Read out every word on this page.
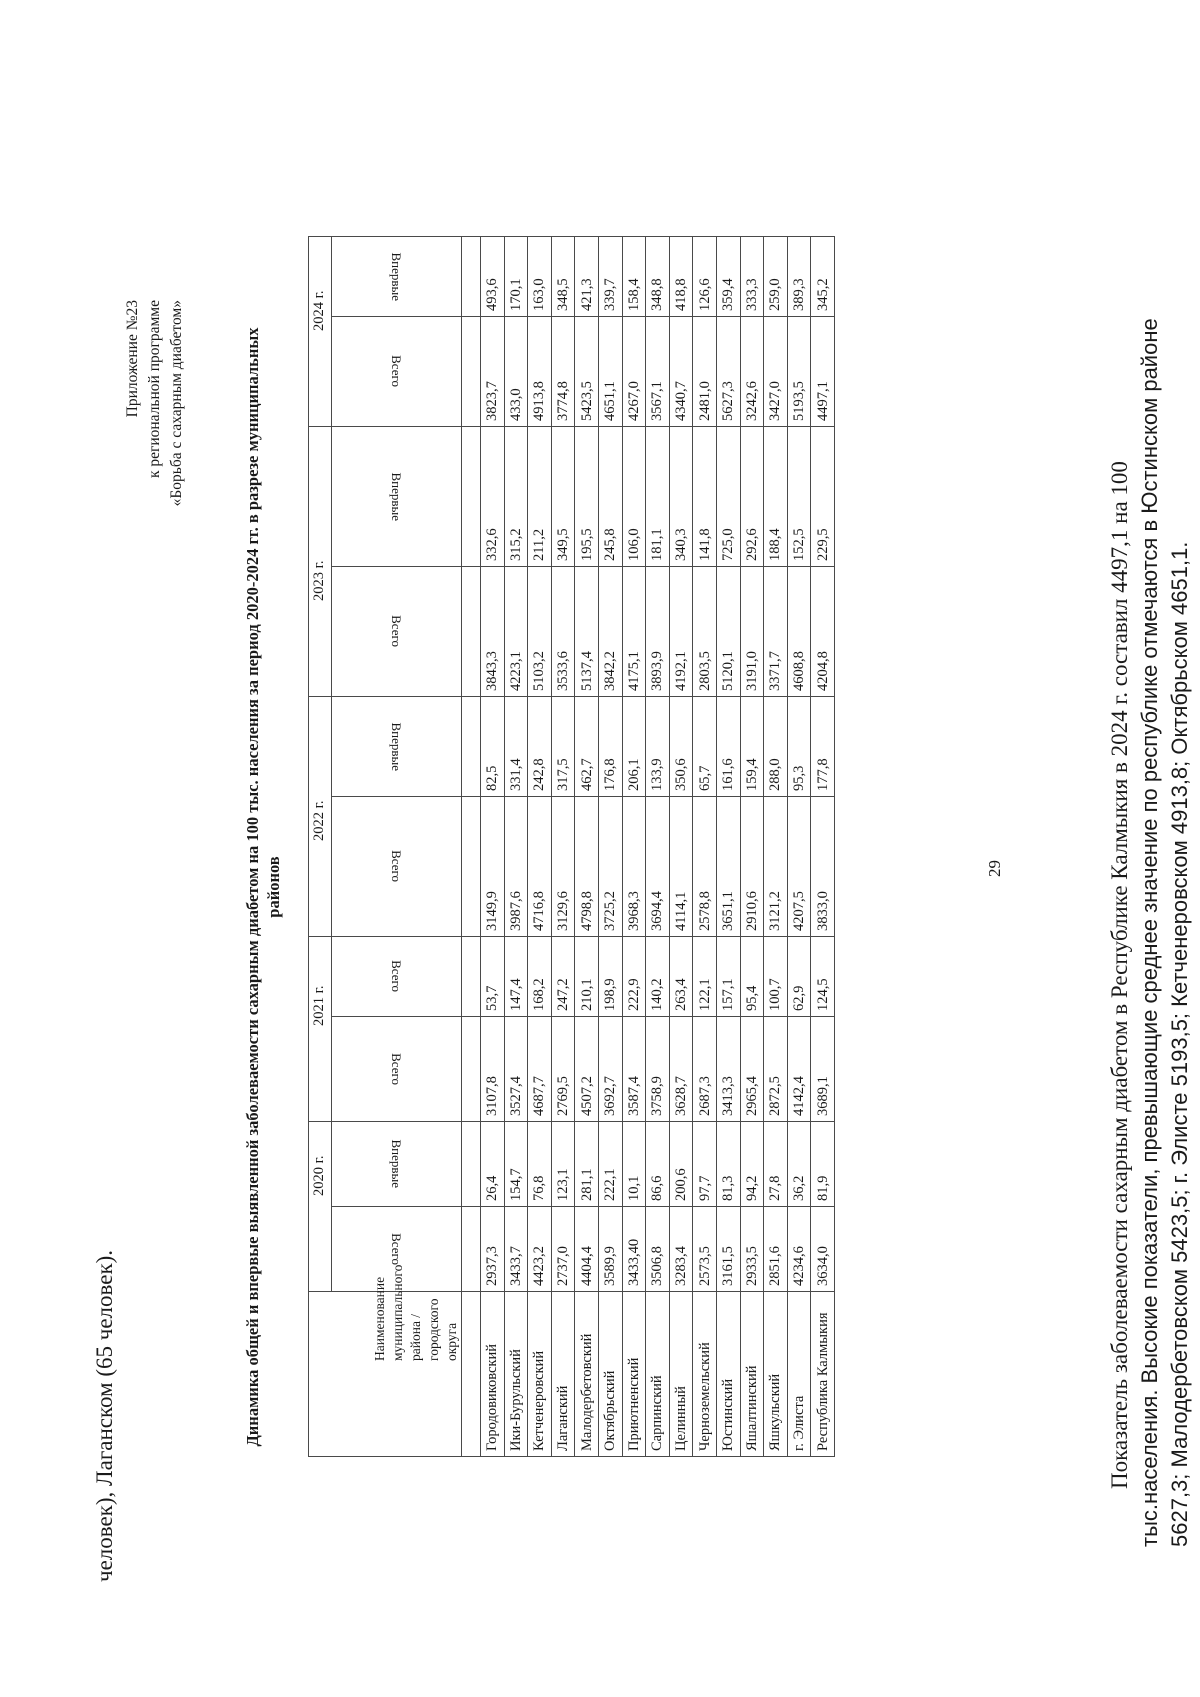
человек), Лаганском (65 человек).
Приложение №23 к региональной программе «Борьба с сахарным диабетом»	Динамика общей и впервые выявленной заболеваемости сахарным диабетом на 100 тыс. населения за период 2020-2024 гг. в разрезе муниципальных районов
Наименование муниципального района / городского округа	2020 г.		2021 г.		2022 г.		2023 г.		2024 г.	
	Всего	Впервые	Всего	Всего	Всего	Впервые	Всего	Впервые	Всего	Впервые

Городовиковский	2937,3	26,4	3107,8	53,7	3149,9	82,5	3843,3	332,6	3823,7	493,6
Ики-Бурульский	3433,7	154,7	3527,4	147,4	3987,6	331,4	4223,1	315,2	433,0	170,1
Кетченеровский	4423,2	76,8	4687,7	168,2	4716,8	242,8	5103,2	211,2	4913,8	163,0
Лаганский	2737,0	123,1	2769,5	247,2	3129,6	317,5	3533,6	349,5	3774,8	348,5
Малодербетовский	4404,4	281,1	4507,2	210,1	4798,8	462,7	5137,4	195,5	5423,5	421,3
Октябрьский	3589,9	222,1	3692,7	198,9	3725,2	176,8	3842,2	245,8	4651,1	339,7
Приютненский	3433,40	10,1	3587,4	222,9	3968,3	206,1	4175,1	106,0	4267,0	158,4
Сарпинский	3506,8	86,6	3758,9	140,2	3694,4	133,9	3893,9	181,1	3567,1	348,8
Целинный	3283,4	200,6	3628,7	263,4	4114,1	350,6	4192,1	340,3	4340,7	418,8
Черноземельский	2573,5	97,7	2687,3	122,1	2578,8	65,7	2803,5	141,8	2481,0	126,6
Юстинский	3161,5	81,3	3413,3	157,1	3651,1	161,6	5120,1	725,0	5627,3	359,4
Яшалтинский	2933,5	94,2	2965,4	95,4	2910,6	159,4	3191,0	292,6	3242,6	333,3
Яшкульский	2851,6	27,8	2872,5	100,7	3121,2	288,0	3371,7	188,4	3427,0	259,0
г. Элиста	4234,6	36,2	4142,4	62,9	4207,5	95,3	4608,8	152,5	5193,5	389,3
Республика Калмыкия	3634,0	81,9	3689,1	124,5	3833,0	177,8	4204,8	229,5	4497,1	345,2
29	Показатель заболеваемости сахарным диабетом в Республике Калмыкия в 2024 г. составил 4497,1 на 100 тыс.населения. Высокие показатели, превышающие среднее значение по республике отмечаются в Юстинском районе 5627,3; Малодербетовском 5423,5; г. Элисте 5193,5; Кетченеровском 4913,8; Октябрьском 4651,1.
